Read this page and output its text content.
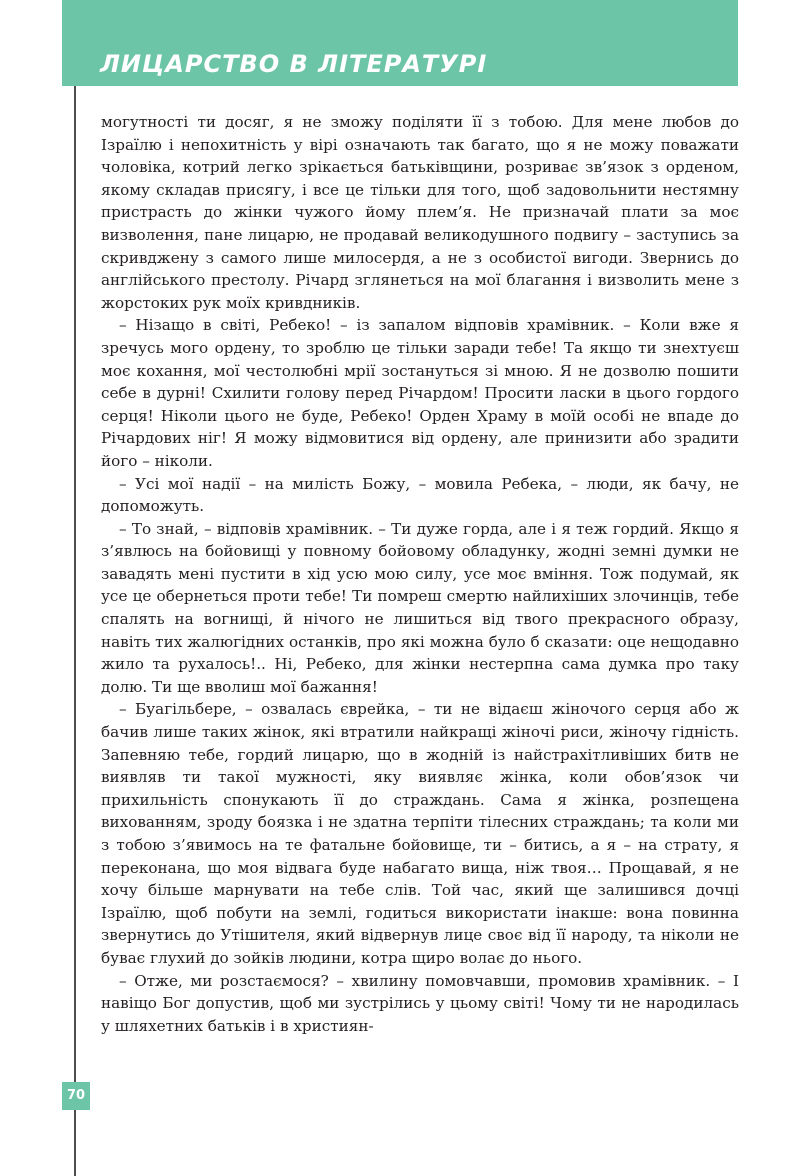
ЛИЦАРСТВО В ЛІТЕРАТУРІ

могутності ти досяг, я не зможу поділяти її з тобою. Для мене любов до Ізраїлю і непохитність у вірі означають так багато, що я не можу поважати чоловіка, котрий легко зрікається батьківщини, розриває зв’язок з орденом, якому складав присягу, і все це тільки для того, щоб задовольнити нестямну пристрасть до жінки чужого йому плем’я. Не призначай плати за моє визволення, пане лицарю, не продавай великодушного подвигу – заступись за скривджену з самого лише милосердя, а не з особистої вигоди. Звернись до англійського престолу. Річард зглянеться на мої благання і визволить мене з жорстоких рук моїх кривдників.

– Нізащо в світі, Ребеко! – із запалом відповів храмівник. – Коли вже я зречусь мого ордену, то зроблю це тільки заради тебе! Та якщо ти знехтуєш моє кохання, мої честолюбні мрії зостануться зі мною. Я не дозволю пошити себе в дурні! Схилити голову перед Річардом! Просити ласки в цього гордого серця! Ніколи цього не буде, Ребеко! Орден Храму в моїй особі не впаде до Річардових ніг! Я можу відмовитися від ордену, але принизити або зрадити його – ніколи.

– Усі мої надії – на милість Божу, – мовила Ребека, – люди, як бачу, не допоможуть.

– То знай, – відповів храмівник. – Ти дуже горда, але і я теж гордий. Якщо я з’явлюсь на бойовищі у повному бойовому обладунку, жодні земні думки не завадять мені пустити в хід усю мою силу, усе моє вміння. Тож подумай, як усе це обернеться проти тебе! Ти помреш смертю найлихіших злочинців, тебе спалять на вогнищі, й нічого не лишиться від твого прекрасного образу, навіть тих жалюгідних останків, про які можна було б сказати: оце нещодавно жило та рухалось!.. Ні, Ребеко, для жінки нестерпна сама думка про таку долю. Ти ще вволиш мої бажання!

– Буагільбере, – озвалась єврейка, – ти не відаєш жіночого серця або ж бачив лише таких жінок, які втратили найкращі жіночі риси, жіночу гідність. Запевняю тебе, гордий лицарю, що в жодній із найстрахітливіших битв не виявляв ти такої мужності, яку виявляє жінка, коли обов’язок чи прихильність спонукають її до страждань. Сама я жінка, розпещена вихованням, зроду боязка і не здатна терпіти тілесних страждань; та коли ми з тобою з’явимось на те фатальне бойовище, ти – битись, а я – на страту, я переконана, що моя відвага буде набагато вища, ніж твоя… Прощавай, я не хочу більше марнувати на тебе слів. Той час, який ще залишився дочці Ізраїлю, щоб побути на землі, годиться використати інакше: вона повинна звернутись до Утішителя, який відвернув лице своє від її народу, та ніколи не буває глухий до зойків людини, котра щиро волає до нього.

– Отже, ми розстаємося? – хвилину помовчавши, промовив храмівник. – І навіщо Бог допустив, щоб ми зустрілись у цьому світі! Чому ти не народилась у шляхетних батьків і в християн-

70
